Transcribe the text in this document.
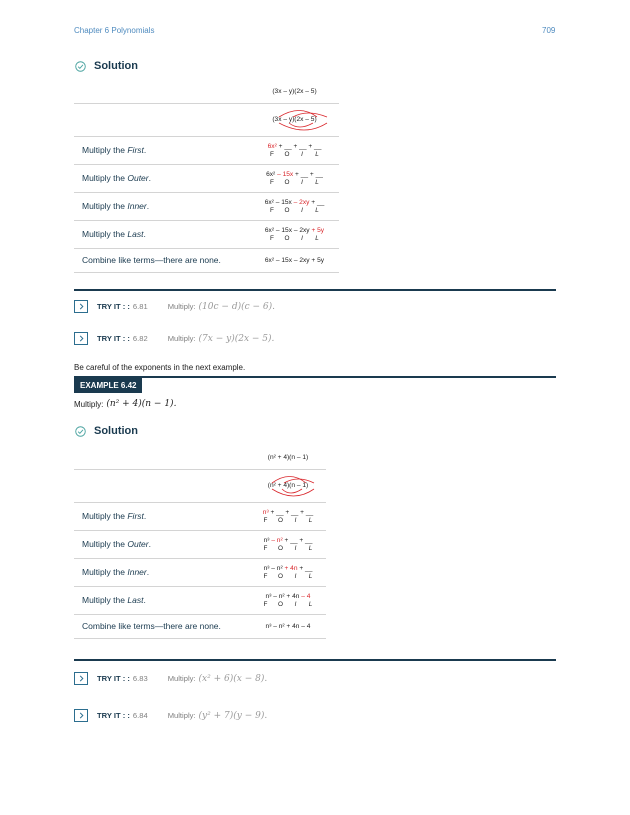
Chapter 6 Polynomials	709
Solution
	(3x – y)(2x – 5)

(3x – y)(2x – 5)
Multiply the First.	6x² + __ + __ + __
F O I L

Multiply the Outer.	6x² – 15x + __ + __
F O I L

Multiply the Inner.	6x² – 15x – 2xy + __
F O I L

Multiply the Last.	6x² – 15x – 2xy + 5y
F O I L

Combine like terms—there are none.	6x² – 15x – 2xy + 5y
TRY IT : : 6.81	Multiply: (10c − d)(c − 6).
TRY IT : : 6.82	Multiply: (7x − y)(2x − 5).
Be careful of the exponents in the next example.
EXAMPLE 6.42
Multiply: (n² + 4)(n − 1).
Solution
	(n² + 4)(n – 1)

(n² + 4)(n – 1)
Multiply the First.	n³ + __ + __ + __
F O I L

Multiply the Outer.	n³ – n² + __ + __
F O I L

Multiply the Inner.	n³ – n² + 4n + __
F O I L

Multiply the Last.	n³ – n² + 4n – 4
F O I L

Combine like terms—there are none.	n³ – n² + 4n – 4
TRY IT : : 6.83	Multiply: (x² + 6)(x − 8).
TRY IT : : 6.84	Multiply: (y² + 7)(y − 9).
